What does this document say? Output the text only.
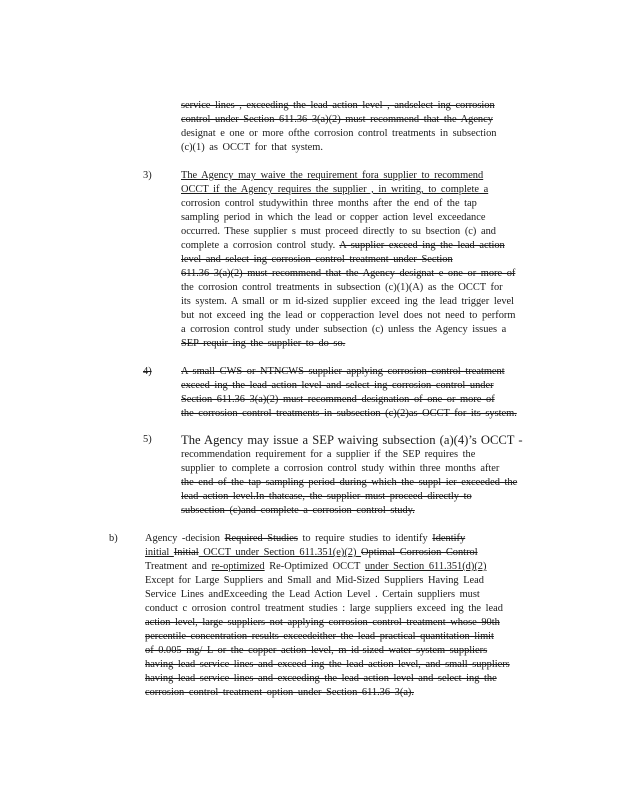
service lines , exceeding the lead action level , andselect ing corrosion
control under Section 611.36 3(a)(2) must recommend that the Agency
designat e one or more ofthe corrosion control treatments in subsection
(c)(1) as OCCT for that system.
3)	The Agency may waive the requirement fora supplier to recommend
OCCT if the Agency requires the supplier , in writing, to complete a
corrosion control studywithin three months after the end of the tap
sampling period in which the lead or copper action level exceedance
occurred. These supplier s must proceed directly to su bsection (c) and
complete a corrosion control study. A supplier exceed ing the lead action
level and select ing corrosion control treatment under Section
611.36 3(a)(2) must recommend that the Agency designat e one or more of
the corrosion control treatments in subsection (c)(1)(A) as the OCCT for
its system. A small or m id-sized supplier exceed ing the lead trigger level
but not exceed ing the lead or copperaction level does not need to perform
a corrosion control study under subsection (c) unless the Agency issues a
SEP requir ing the supplier to do so.
4)	A small CWS or NTNCWS supplier applying corrosion control treatment
exceed ing the lead action level and select ing corrosion control under
Section 611.36 3(a)(2) must recommend designation of one or more of
the corrosion control treatments in subsection (c)(2)as OCCT for its system.
5) The Agency may issue a SEP waiving subsection (a)(4)’s OCCT -
recommendation requirement for a supplier if the SEP requires the
supplier to complete a corrosion control study within three months after
the end of the tap sampling period during which the suppl ier exceeded the
lead action level.In thatcase, the supplier must proceed directly to
subsection (c)and complete a corrosion control study.
b)	Agency -decision Required Studies to require studies to identify Identify
initial Initial OCCT under Section 611.351(e)(2) Optimal Corrosion Control
Treatment and re-optimized Re-Optimized OCCT under Section 611.351(d)(2)
Except for Large Suppliers and Small and Mid-Sized Suppliers Having Lead
Service Lines andExceeding the Lead Action Level . Certain suppliers must
conduct c orrosion control treatment studies : large suppliers exceed ing the lead
action level, large suppliers not applying corrosion control treatment whose 90th
percentile concentration results exceedeither the lead practical quantitation limit
of 0.005 mg/ L or the copper action level, m id-sized water system suppliers
having lead service lines and exceed ing the lead action level, and small suppliers
having lead service lines and exceeding the lead action level and select ing the
corrosion control treatment option under Section 611.36 3(a).
